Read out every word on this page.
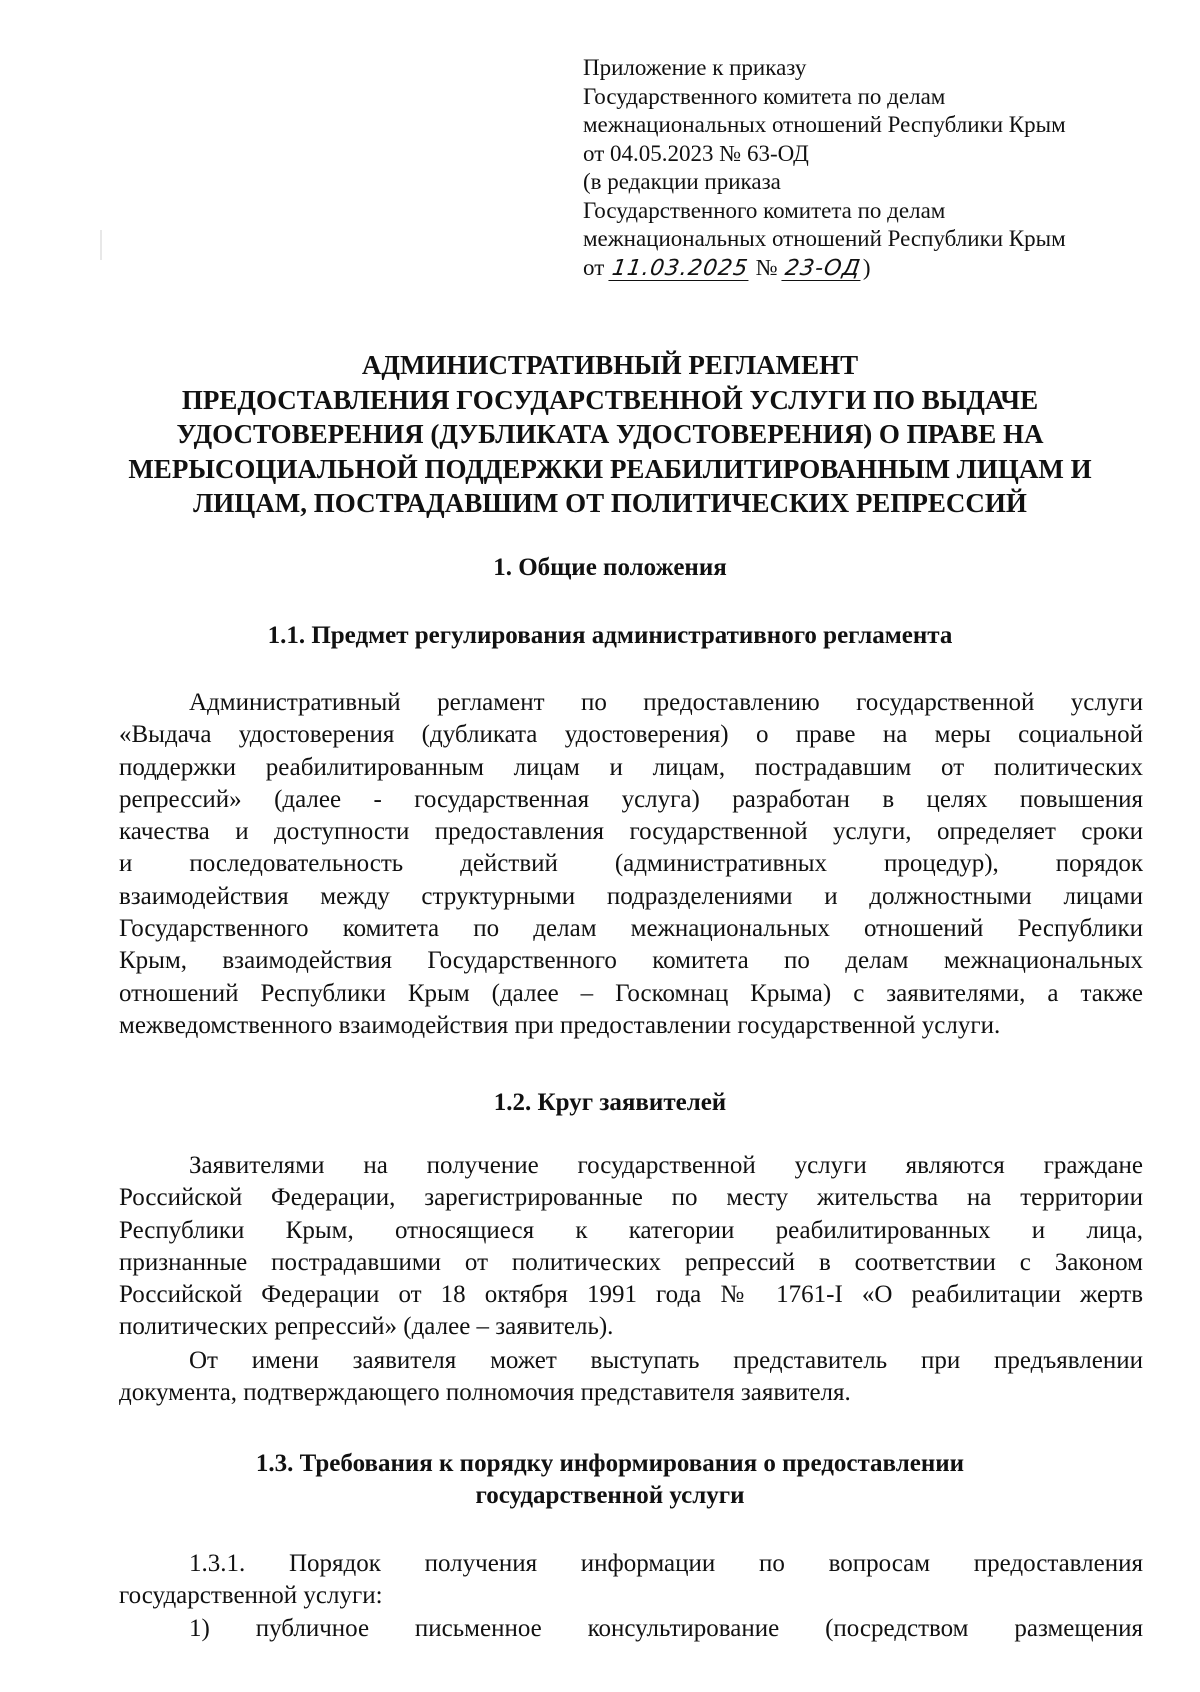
Приложение к приказу
Государственного комитета по делам
межнациональных отношений Республики Крым
от 04.05.2023 № 63-ОД
(в редакции приказа
Государственного комитета по делам
межнациональных отношений Республики Крым
от 11.03.2025 № 23-ОД)
АДМИНИСТРАТИВНЫЙ РЕГЛАМЕНТ
ПРЕДОСТАВЛЕНИЯ ГОСУДАРСТВЕННОЙ УСЛУГИ ПО ВЫДАЧЕ
УДОСТОВЕРЕНИЯ (ДУБЛИКАТА УДОСТОВЕРЕНИЯ) О ПРАВЕ НА
МЕРЫСОЦИАЛЬНОЙ ПОДДЕРЖКИ РЕАБИЛИТИРОВАННЫМ ЛИЦАМ И
ЛИЦАМ, ПОСТРАДАВШИМ ОТ ПОЛИТИЧЕСКИХ РЕПРЕССИЙ
1. Общие положения
1.1. Предмет регулирования административного регламента
Административный регламент по предоставлению государственной услуги
«Выдача удостоверения (дубликата удостоверения) о праве на меры социальной
поддержки реабилитированным лицам и лицам, пострадавшим от политических
репрессий» (далее - государственная услуга) разработан в целях повышения
качества и доступности предоставления государственной услуги, определяет сроки
и последовательность действий (административных процедур), порядок
взаимодействия между структурными подразделениями и должностными лицами
Государственного комитета по делам межнациональных отношений Республики
Крым, взаимодействия Государственного комитета по делам межнациональных
отношений Республики Крым (далее – Госкомнац Крыма) с заявителями, а также
межведомственного взаимодействия при предоставлении государственной услуги.
1.2. Круг заявителей
Заявителями на получение государственной услуги являются граждане
Российской Федерации, зарегистрированные по месту жительства на территории
Республики Крым, относящиеся к категории реабилитированных и лица,
признанные пострадавшими от политических репрессий в соответствии с Законом
Российской Федерации от 18 октября 1991 года № 1761-I «О реабилитации жертв
политических репрессий» (далее – заявитель).
От имени заявителя может выступать представитель при предъявлении
документа, подтверждающего полномочия представителя заявителя.
1.3. Требования к порядку информирования о предоставлении
государственной услуги
1.3.1. Порядок получения информации по вопросам предоставления
государственной услуги:
1) публичное письменное консультирование (посредством размещения
